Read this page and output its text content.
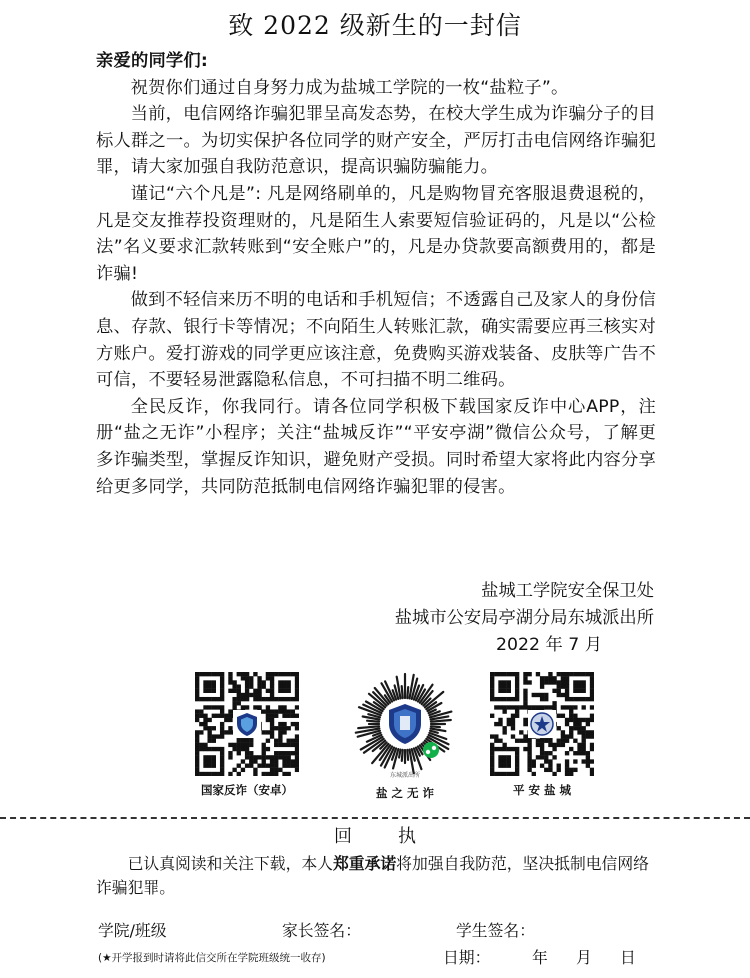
致 2022 级新生的一封信
亲爱的同学们:

祝贺你们通过自身努力成为盐城工学院的一枚“盐粒子”。

当前，电信网络诈骗犯罪呈高发态势，在校大学生成为诈骗分子的目标人群之一。为切实保护各位同学的财产安全，严厉打击电信网络诈骗犯罪，请大家加强自我防范意识，提高识骗防骗能力。

谨记“六个凡是”: 凡是网络刷单的，凡是购物冒充客服退费退税的，凡是交友推荐投资理财的，凡是陌生人索要短信验证码的，凡是以“公检法”名义要求汇款转账到“安全账户”的，凡是办贷款要高额费用的，都是诈骗!

做到不轻信来历不明的电话和手机短信；不透露自己及家人的身份信息、存款、银行卡等情况；不向陌生人转账汇款，确实需要应再三核实对方账户。爱打游戏的同学更应该注意，免费购买游戏装备、皮肤等广告不可信，不要轻易泄露隐私信息，不可扫描不明二维码。

全民反诈，你我同行。请各位同学积极下载国家反诈中心APP，注册“盐之无诈”小程序；关注“盐城反诈”“平安亭湖”微信公众号，了解更多诈骗类型，掌握反诈知识，避免财产受损。同时希望大家将此内容分享给更多同学，共同防范抵制电信网络诈骗犯罪的侵害。

盐城工学院安全保卫处
盐城市公安局亭湖分局东城派出所
2022 年 7 月
国家反诈（安卓）
东城派出所
盐 之 无 诈	平 安 盐 城
回执
已认真阅读和关注下载，本人郑重承诺将加强自我防范，坚决抵制电信网络诈骗犯罪。
学院/班级	家长签名：	学生签名：
(★开学报到时请将此信交所在学院班级统一收存)	日期：	年 月 日
